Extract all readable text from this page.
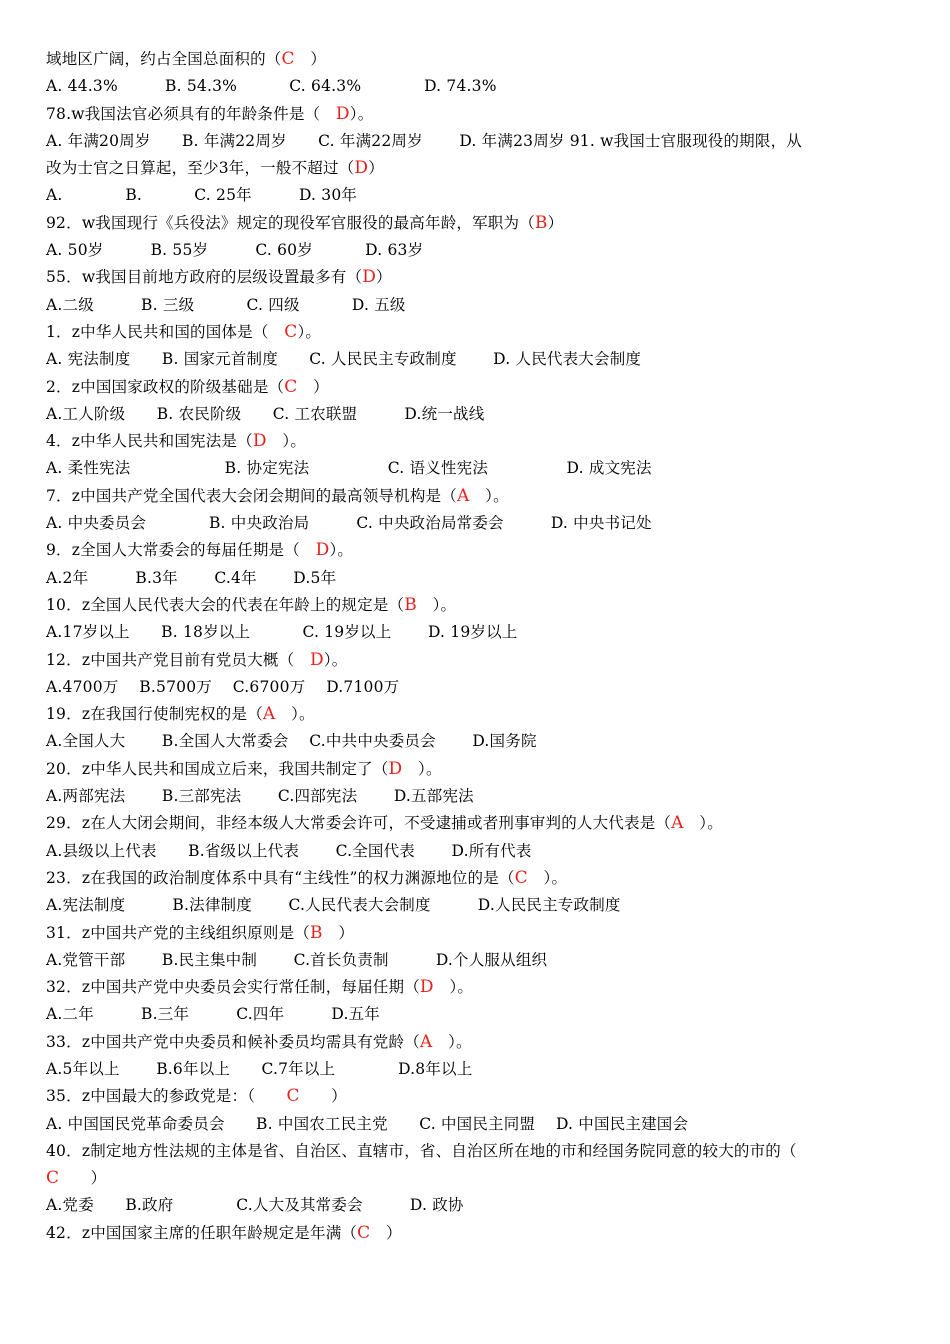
域地区广阔，约占全国总面积的（C　）
A. 44.3%　　　B. 54.3%　　　 C. 64.3%　　　　D. 74.3%
78.w我国法官必须具有的年龄条件是（　D）。
A. 年满20周岁　　B. 年满22周岁　　C. 年满22周岁　　 D. 年满23周岁 91. w我国士官服现役的期限，从
改为士官之日算起，至少3年，一般不超过（D）
A.　　　　B.　　　 C. 25年　　　D. 30年
92．w我国现行《兵役法》规定的现役军官服役的最高年龄，军职为（B）
A. 50岁　　　B. 55岁　　　C. 60岁　　　 D. 63岁
55．w我国目前地方政府的层级设置最多有（D）
A.二级　　　B. 三级　　　 C. 四级　　　 D. 五级
1．z中华人民共和国的国体是（　C）。
A. 宪法制度　　B. 国家元首制度　　C. 人民民主专政制度　　 D. 人民代表大会制度
2．z中国国家政权的阶级基础是（C　）
A.工人阶级　　B. 农民阶级　　C. 工农联盟　　　D.统一战线
4．z中华人民共和国宪法是（D　）。
A. 柔性宪法　　　　　　B. 协定宪法　　　　　C. 语义性宪法　　　　　D. 成文宪法
7．z中国共产党全国代表大会闭会期间的最高领导机构是（A　）。
A. 中央委员会　　　　B. 中央政治局　　　C. 中央政治局常委会　　　D. 中央书记处
9．z全国人大常委会的每届任期是（　D）。
A.2年　　　B.3年　　 C.4年　　 D.5年
10．z全国人民代表大会的代表在年龄上的规定是（B　）。
A.17岁以上　　B. 18岁以上　　　 C. 19岁以上　　 D. 19岁以上
12．z中国共产党目前有党员大概（　D）。
A.4700万　 B.5700万　 C.6700万　 D.7100万
19．z在我国行使制宪权的是（A　）。
A.全国人大　　 B.全国人大常委会　 C.中共中央委员会　　 D.国务院
20．z中华人民共和国成立后来，我国共制定了（D　）。
A.两部宪法　　 B.三部宪法　　 C.四部宪法　　 D.五部宪法
29．z在人大闭会期间，非经本级人大常委会许可，不受逮捕或者刑事审判的人大代表是（A　）。
A.县级以上代表　　B.省级以上代表　　 C.全国代表　　 D.所有代表
23．z在我国的政治制度体系中具有“主线性”的权力渊源地位的是（C　）。
A.宪法制度　　　B.法律制度　　 C.人民代表大会制度　　　D.人民民主专政制度
31．z中国共产党的主线组织原则是（B　）
A.党管干部　　 B.民主集中制　　 C.首长负责制　　　D.个人服从组织
32．z中国共产党中央委员会实行常任制，每届任期（D　）。
A.二年　　　B.三年　　　C.四年　　　D.五年
33．z中国共产党中央委员和候补委员均需具有党龄（A　）。
A.5年以上　　 B.6年以上　　C.7年以上　　　　D.8年以上
35．z中国最大的参政党是：（　　C　　）
A. 中国国民党革命委员会　　B. 中国农工民主党　　C. 中国民主同盟　 D. 中国民主建国会
40．z制定地方性法规的主体是省、自治区、直辖市，省、自治区所在地的市和经国务院同意的较大的市的（
C　　）
A.党委　　B.政府　　　　C.人大及其常委会　　　D. 政协
42．z中国国家主席的任职年龄规定是年满（C　）
